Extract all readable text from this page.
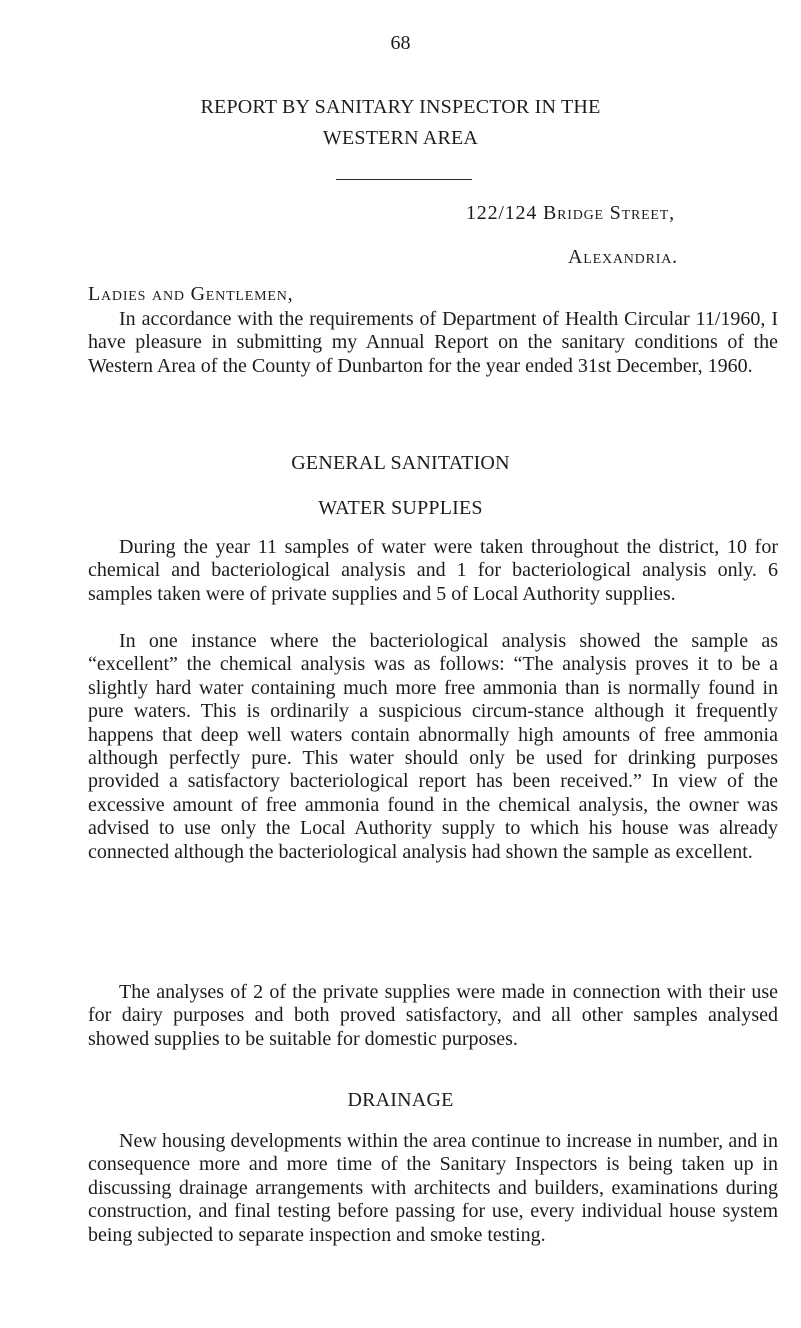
68
REPORT BY SANITARY INSPECTOR IN THE
WESTERN AREA
122/124 Bridge Street,
Alexandria.
Ladies and Gentlemen,

In accordance with the requirements of Department of Health Circular 11/1960, I have pleasure in submitting my Annual Report on the sanitary conditions of the Western Area of the County of Dunbarton for the year ended 31st December, 1960.

GENERAL SANITATION
WATER SUPPLIES

During the year 11 samples of water were taken throughout the district, 10 for chemical and bacteriological analysis and 1 for bacteriological analysis only. 6 samples taken were of private supplies and 5 of Local Authority supplies.

In one instance where the bacteriological analysis showed the sample as “excellent” the chemical analysis was as follows: “The analysis proves it to be a slightly hard water containing much more free ammonia than is normally found in pure waters. This is ordinarily a suspicious circum-stance although it frequently happens that deep well waters contain abnormally high amounts of free ammonia although perfectly pure. This water should only be used for drinking purposes provided a satisfactory bacteriological report has been received.” In view of the excessive amount of free ammonia found in the chemical analysis, the owner was advised to use only the Local Authority supply to which his house was already connected although the bacteriological analysis had shown the sample as excellent.

The analyses of 2 of the private supplies were made in connection with their use for dairy purposes and both proved satisfactory, and all other samples analysed showed supplies to be suitable for domestic purposes.

DRAINAGE

New housing developments within the area continue to increase in number, and in consequence more and more time of the Sanitary Inspectors is being taken up in discussing drainage arrangements with architects and builders, examinations during construction, and final testing before passing for use, every individual house system being subjected to separate inspection and smoke testing.
